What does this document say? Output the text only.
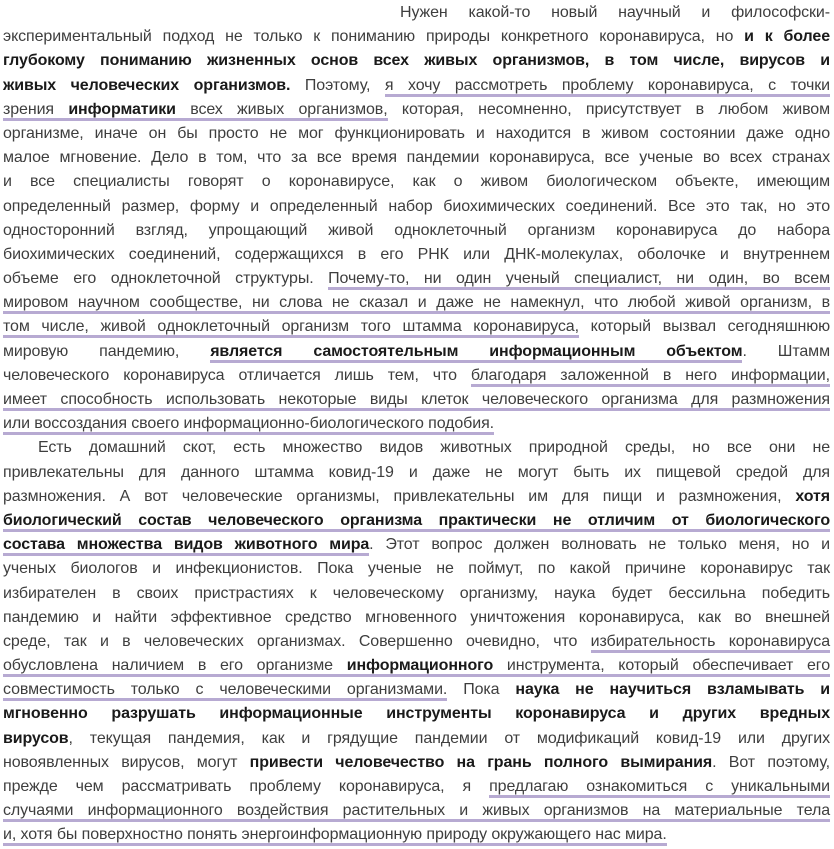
Нужен какой-то новый научный и философски-
экспериментальный подход не только к пониманию природы конкретного коронавируса, но и к более
глубокому пониманию жизненных основ всех живых организмов, в том числе, вирусов и
живых человеческих организмов. Поэтому, я хочу рассмотреть проблему коронавируса, с точки
зрения информатики всех живых организмов, которая, несомненно, присутствует в любом живом
организме, иначе он бы просто не мог функционировать и находится в живом состоянии даже одно
малое мгновение. Дело в том, что за все время пандемии коронавируса, все ученые во всех странах
и все специалисты говорят о коронавирусе, как о живом биологическом объекте, имеющим
определенный размер, форму и определенный набор биохимических соединений. Все это так, но это
односторонний взгляд, упрощающий живой одноклеточный организм коронавируса до набора
биохимических соединений, содержащихся в его РНК или ДНК-молекулах, оболочке и внутреннем
объеме его одноклеточной структуры. Почему-то, ни один ученый специалист, ни один, во всем
мировом научном сообществе, ни слова не сказал и даже не намекнул, что любой живой организм, в
том числе, живой одноклеточный организм того штамма коронавируса, который вызвал сегодняшнюю
мировую пандемию, является самостоятельным информационным объектом. Штамм
человеческого коронавируса отличается лишь тем, что благодаря заложенной в него информации,
имеет способность использовать некоторые виды клеток человеческого организма для размножения
или воссоздания своего информационно-биологического подобия.
Есть домашний скот, есть множество видов животных природной среды, но все они не
привлекательны для данного штамма ковид-19 и даже не могут быть их пищевой средой для
размножения. А вот человеческие организмы, привлекательны им для пищи и размножения, хотя
биологический состав человеческого организма практически не отличим от биологического
состава множества видов животного мира. Этот вопрос должен волновать не только меня, но и
ученых биологов и инфекционистов. Пока ученые не поймут, по какой причине коронавирус так
избирателен в своих пристрастиях к человеческому организму, наука будет бессильна победить
пандемию и найти эффективное средство мгновенного уничтожения коронавируса, как во внешней
среде, так и в человеческих организмах. Совершенно очевидно, что избирательность коронавируса
обусловлена наличием в его организме информационного инструмента, который обеспечивает его
совместимость только с человеческими организмами. Пока наука не научиться взламывать и
мгновенно разрушать информационные инструменты коронавируса и других вредных
вирусов, текущая пандемия, как и грядущие пандемии от модификаций ковид-19 или других
новоявленных вирусов, могут привести человечество на грань полного вымирания. Вот поэтому,
прежде чем рассматривать проблему коронавируса, я предлагаю ознакомиться с уникальными
случаями информационного воздействия растительных и живых организмов на материальные тела
и, хотя бы поверхностно понять энергоинформационную природу окружающего нас мира.
